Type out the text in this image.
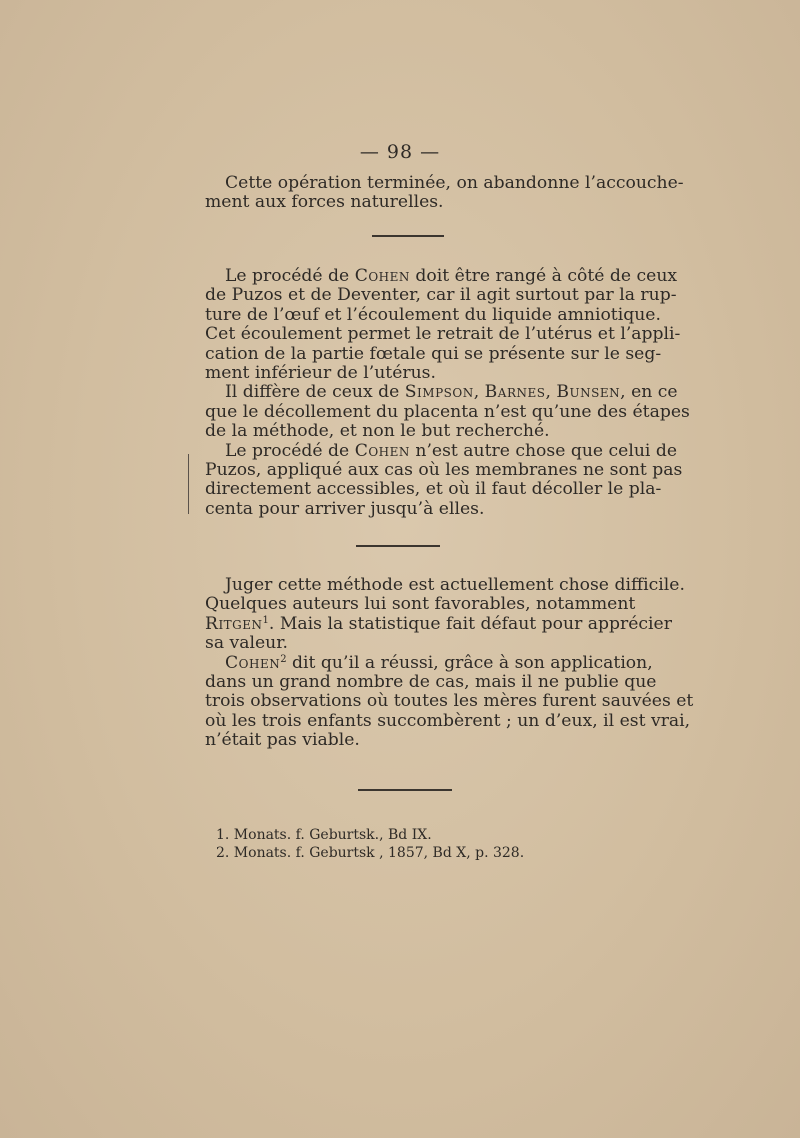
— 98 —
Cette opération terminée, on abandonne l’accouche-
ment aux forces naturelles.
Le procédé de Cohen doit être rangé à côté de ceux
de Puzos et de Deventer, car il agit surtout par la rup-
ture de l’œuf et l’écoulement du liquide amniotique.
Cet écoulement permet le retrait de l’utérus et l’appli-
cation de la partie fœtale qui se présente sur le seg-
ment inférieur de l’utérus.
Il diffère de ceux de Simpson, Barnes, Bunsen, en ce
que le décollement du placenta n’est qu’une des étapes
de la méthode, et non le but recherché.
Le procédé de Cohen n’est autre chose que celui de
Puzos, appliqué aux cas où les membranes ne sont pas
directement accessibles, et où il faut décoller le pla-
centa pour arriver jusqu’à elles.
Juger cette méthode est actuellement chose difficile.
Quelques auteurs lui sont favorables, notamment
Ritgen$^1$. Mais la statistique fait défaut pour apprécier
sa valeur.
Cohen$^2$ dit qu’il a réussi, grâce à son application,
dans un grand nombre de cas, mais il ne publie que
trois observations où toutes les mères furent sauvées et
où les trois enfants succombèrent ; un d’eux, il est vrai,
n’était pas viable.
1. Monats. f. Geburtsk., Bd IX.
2. Monats. f. Geburtsk , 1857, Bd X, p. 328.
